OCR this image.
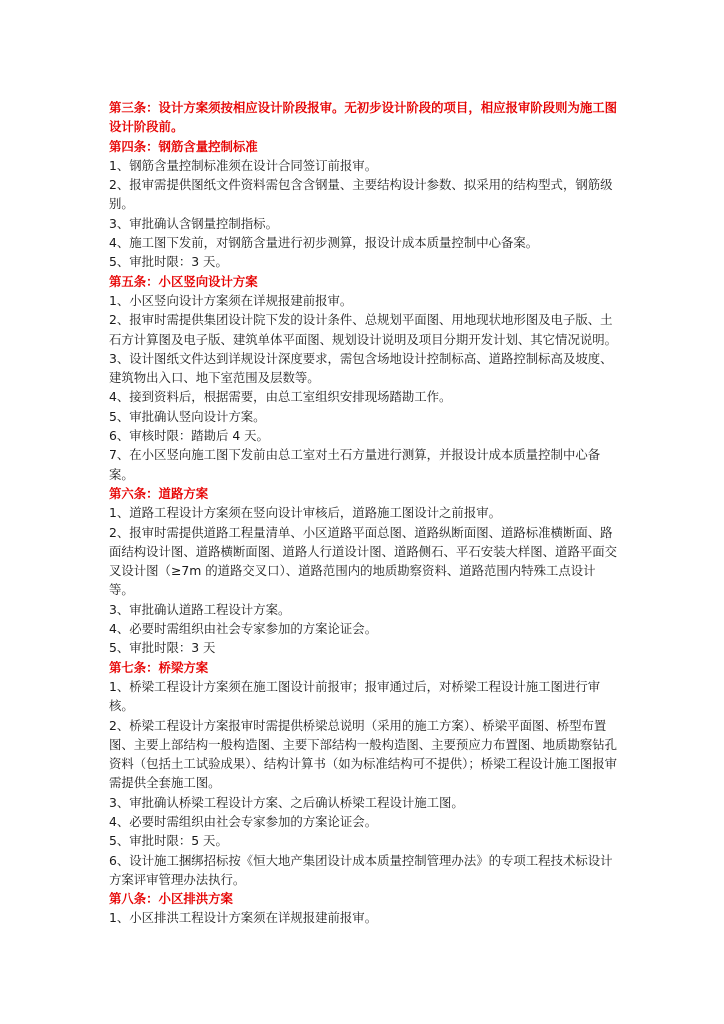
第三条：设计方案须按相应设计阶段报审。无初步设计阶段的项目，相应报审阶段则为施工图设计阶段前。

第四条：钢筋含量控制标准

1、钢筋含量控制标准须在设计合同签订前报审。

2、报审需提供图纸文件资料需包含含钢量、主要结构设计参数、拟采用的结构型式，钢筋级别。

3、审批确认含钢量控制指标。

4、施工图下发前，对钢筋含量进行初步测算，报设计成本质量控制中心备案。

5、审批时限：3 天。

第五条：小区竖向设计方案

1、小区竖向设计方案须在详规报建前报审。

2、报审时需提供集团设计院下发的设计条件、总规划平面图、用地现状地形图及电子版、土石方计算图及电子版、建筑单体平面图、规划设计说明及项目分期开发计划、其它情况说明。

3、设计图纸文件达到详规设计深度要求，需包含场地设计控制标高、道路控制标高及坡度、建筑物出入口、地下室范围及层数等。

4、接到资料后，根据需要，由总工室组织安排现场踏勘工作。

5、审批确认竖向设计方案。

6、审核时限：踏勘后 4 天。

7、在小区竖向施工图下发前由总工室对土石方量进行测算，并报设计成本质量控制中心备案。

第六条：道路方案

1、道路工程设计方案须在竖向设计审核后，道路施工图设计之前报审。

2、报审时需提供道路工程量清单、小区道路平面总图、道路纵断面图、道路标准横断面、路面结构设计图、道路横断面图、道路人行道设计图、道路侧石、平石安装大样图、道路平面交叉设计图（≥7m 的道路交叉口）、道路范围内的地质勘察资料、道路范围内特殊工点设计等。

3、审批确认道路工程设计方案。

4、必要时需组织由社会专家参加的方案论证会。

5、审批时限：3 天

第七条：桥梁方案

1、桥梁工程设计方案须在施工图设计前报审；报审通过后，对桥梁工程设计施工图进行审核。

2、桥梁工程设计方案报审时需提供桥梁总说明（采用的施工方案）、桥梁平面图、桥型布置图、主要上部结构一般构造图、主要下部结构一般构造图、主要预应力布置图、地质勘察钻孔资料（包括土工试验成果）、结构计算书（如为标准结构可不提供）；桥梁工程设计施工图报审需提供全套施工图。

3、审批确认桥梁工程设计方案、之后确认桥梁工程设计施工图。

4、必要时需组织由社会专家参加的方案论证会。

5、审批时限：5 天。

6、设计施工捆绑招标按《恒大地产集团设计成本质量控制管理办法》的专项工程技术标设计方案评审管理办法执行。

第八条：小区排洪方案

1、小区排洪工程设计方案须在详规报建前报审。
